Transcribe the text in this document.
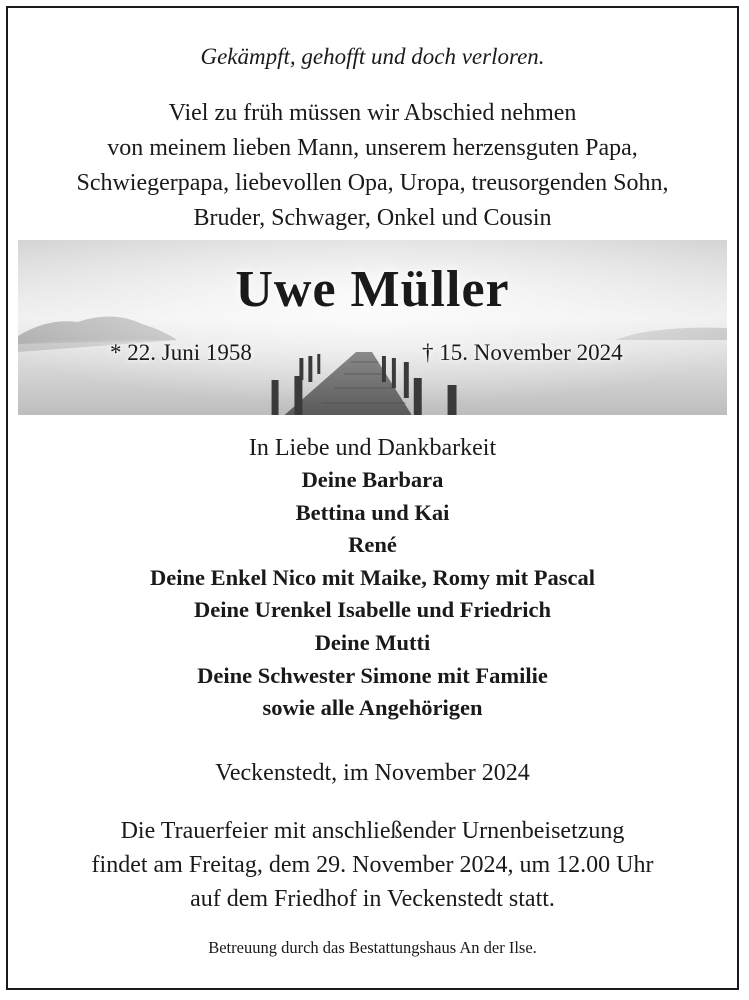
Gekämpft, gehofft und doch verloren.
Viel zu früh müssen wir Abschied nehmen
von meinem lieben Mann, unserem herzensguten Papa,
Schwiegerpapa, liebevollen Opa, Uropa, treusorgenden Sohn,
Bruder, Schwager, Onkel und Cousin
Uwe Müller
* 22. Juni 1958	† 15. November 2024
In Liebe und Dankbarkeit
Deine Barbara
Bettina und Kai
René
Deine Enkel Nico mit Maike, Romy mit Pascal
Deine Urenkel Isabelle und Friedrich
Deine Mutti
Deine Schwester Simone mit Familie
sowie alle Angehörigen
Veckenstedt, im November 2024
Die Trauerfeier mit anschließender Urnenbeisetzung
findet am Freitag, dem 29. November 2024, um 12.00 Uhr
auf dem Friedhof in Veckenstedt statt.
Betreuung durch das Bestattungshaus An der Ilse.
